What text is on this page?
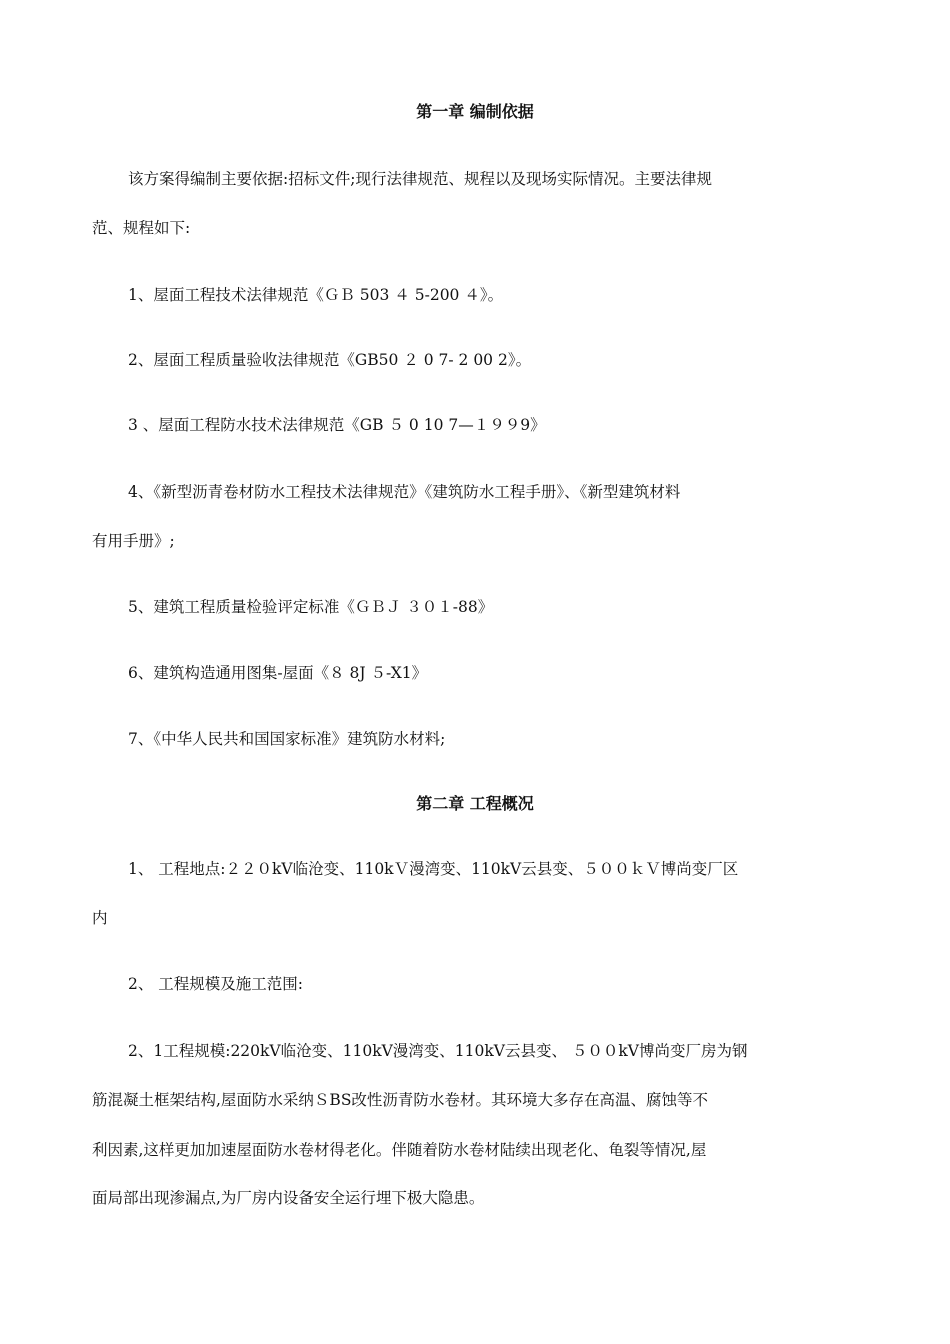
第一章 编制依据
该方案得编制主要依据:招标文件;现行法律规范、规程以及现场实际情况。主要法律规
范、规程如下:
1、屋面工程技术法律规范《ＧＢ 503 ４ 5-200 ４》。
2、屋面工程质量验收法律规范《GB50 ２ 0 7- 2 00 2》。
3 、屋面工程防水技术法律规范《GB ５ 0 10 7—１９９9》
4、《新型沥青卷材防水工程技术法律规范》《建筑防水工程手册》、《新型建筑材料
有用手册》;
5、建筑工程质量检验评定标准《ＧＢＪ ３０１-88》
6、建筑构造通用图集-屋面《８ 8J ５-X1》
7、《中华人民共和国国家标准》建筑防水材料;
第二章 工程概况
1、 工程地点:２２０kV临沧变、110kＶ漫湾变、110kV云县变、５００ｋＶ博尚变厂区
内
2、 工程规模及施工范围:
2、1工程规模:220kV临沧变、110kV漫湾变、110kV云县变、 ５００kV博尚变厂房为钢
筋混凝土框架结构,屋面防水采纳ＳBS改性沥青防水卷材。其环境大多存在高温、腐蚀等不
利因素,这样更加加速屋面防水卷材得老化。伴随着防水卷材陆续出现老化、龟裂等情况,屋
面局部出现渗漏点,为厂房内设备安全运行埋下极大隐患。
